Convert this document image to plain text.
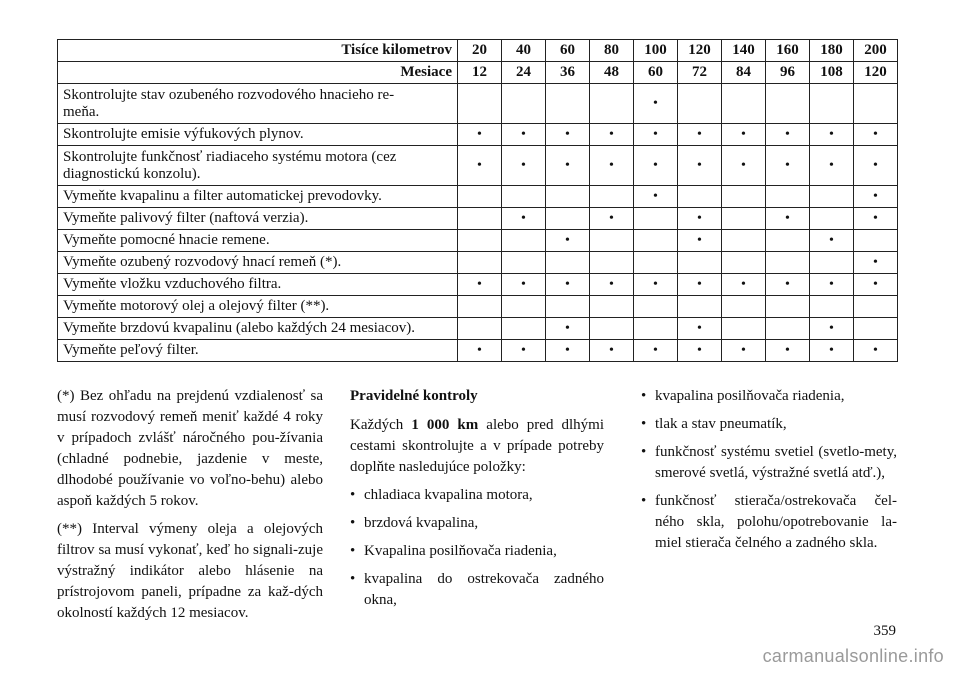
Tisíce kilometrov	20	40	60	80	100	120	140	160	180	200
Mesiace	12	24	36	48	60	72	84	96	108	120
Skontrolujte stav ozubeného rozvodového hnacieho re-
meňa.					•					
Skontrolujte emisie výfukových plynov.	•	•	•	•	•	•	•	•	•	•
Skontrolujte funkčnosť riadiaceho systému motora (cez
diagnostickú konzolu).	•	•	•	•	•	•	•	•	•	•
Vymeňte kvapalinu a filter automatickej prevodovky.					•					•
Vymeňte palivový filter (naftová verzia).		•		•		•		•		•
Vymeňte pomocné hnacie remene.			•			•			•	
Vymeňte ozubený rozvodový hnací remeň (*).										•
Vymeňte vložku vzduchového filtra.	•	•	•	•	•	•	•	•	•	•
Vymeňte motorový olej a olejový filter (**).										
Vymeňte brzdovú kvapalinu (alebo každých 24 mesiacov).			•			•			•	
Vymeňte peľový filter.	•	•	•	•	•	•	•	•	•	•

(*) Bez ohľadu na prejdenú vzdialenosť sa musí rozvodový remeň meniť každé 4 roky v prípadoch zvlášť náročného pou-žívania (chladné podnebie, jazdenie v meste, dlhodobé používanie vo voľno-behu) alebo aspoň každých 5 rokov.

(**) Interval výmeny oleja a olejových filtrov sa musí vykonať, keď ho signali-zuje výstražný indikátor alebo hlásenie na prístrojovom paneli, prípadne za kaž-dých okolností každých 12 mesiacov.

Pravidelné kontroly

Každých 1 000 km alebo pred dlhými cestami skontrolujte a v prípade potreby doplňte nasledujúce položky:

• chladiaca kvapalina motora,
• brzdová kvapalina,
• Kvapalina posilňovača riadenia,
• kvapalina do ostrekovača zadného okna,
• kvapalina posilňovača riadenia,
• tlak a stav pneumatík,
• funkčnosť systému svetiel (svetlo-mety, smerové svetlá, výstražné svetlá atď.),
• funkčnosť stierača/ostrekovača čel-ného skla, polohu/opotrebovanie la-miel stierača čelného a zadného skla.
359
carmanualsonline.info
